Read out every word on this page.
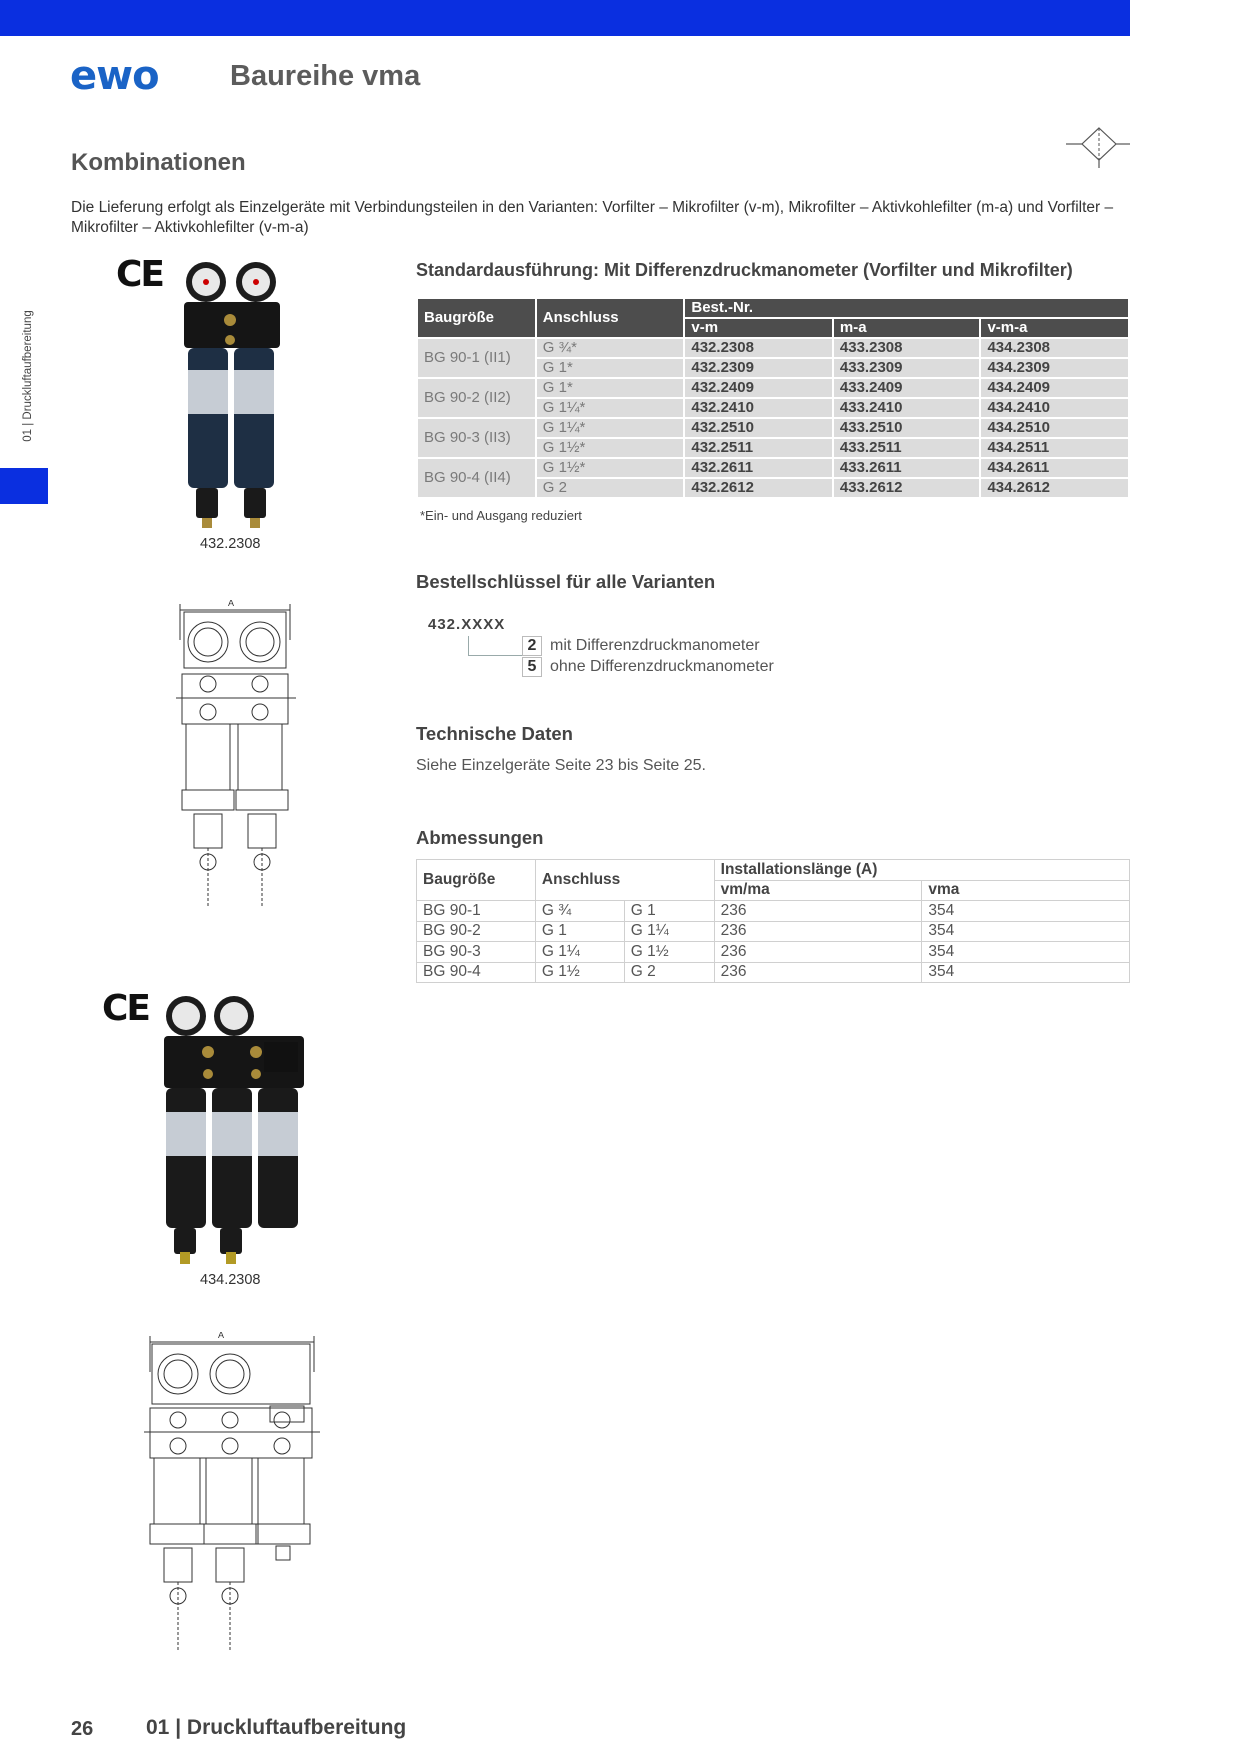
ewo Baureihe vma
Kombinationen
Die Lieferung erfolgt als Einzelgeräte mit Verbindungsteilen in den Varianten: Vorfilter – Mikrofilter (v-m), Mikrofilter – Aktivkohlefilter (m-a) und Vorfilter – Mikrofilter – Aktivkohlefilter (v-m-a)
01 | Druckluftaufbereitung
CE
432.2308
A
CE
434.2308
A
Standardausführung: Mit Differenzdruckmanometer (Vorfilter und Mikrofilter)
Baugröße	Anschluss	Best.-Nr.		
		v-m	m-a	v-m-a
BG 90-1 (II1)	G ¾*	432.2308	433.2308	434.2308
	G 1*	432.2309	433.2309	434.2309
BG 90-2 (II2)	G 1*	432.2409	433.2409	434.2409
	G 1¼*	432.2410	433.2410	434.2410
BG 90-3 (II3)	G 1¼*	432.2510	433.2510	434.2510
	G 1½*	432.2511	433.2511	434.2511
BG 90-4 (II4)	G 1½*	432.2611	433.2611	434.2611
	G 2	432.2612	433.2612	434.2612
*Ein- und Ausgang reduziert
Bestellschlüssel für alle Varianten
432.XXXX
2 mit Differenzdruckmanometer
5 ohne Differenzdruckmanometer
Technische Daten
Siehe Einzelgeräte Seite 23 bis Seite 25.
Abmessungen
Baugröße	Anschluss		Installationslänge (A)	
			vm/ma	vma
BG 90-1	G ¾	G 1	236	354
BG 90-2	G 1	G 1¼	236	354
BG 90-3	G 1¼	G 1½	236	354
BG 90-4	G 1½	G 2	236	354
26	01 | Druckluftaufbereitung
